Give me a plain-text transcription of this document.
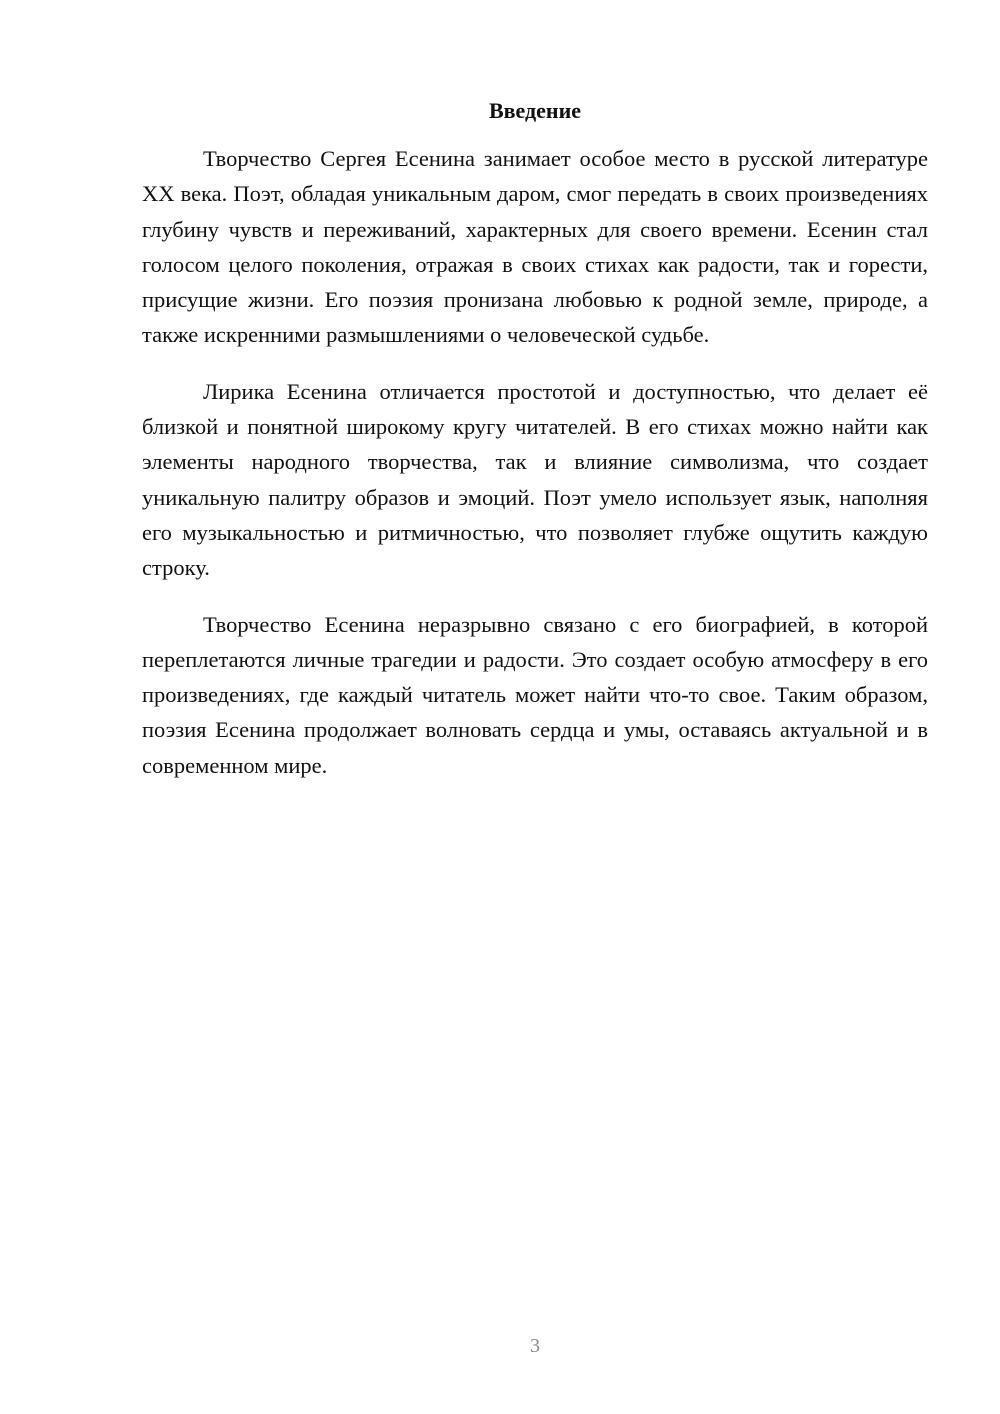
Введение

Творчество Сергея Есенина занимает особое место в русской литературе XX века. Поэт, обладая уникальным даром, смог передать в своих произведениях глубину чувств и переживаний, характерных для своего времени. Есенин стал голосом целого поколения, отражая в своих стихах как радости, так и горести, присущие жизни. Его поэзия пронизана любовью к родной земле, природе, а также искренними размышлениями о человеческой судьбе.

Лирика Есенина отличается простотой и доступностью, что делает её близкой и понятной широкому кругу читателей. В его стихах можно найти как элементы народного творчества, так и влияние символизма, что создает уникальную палитру образов и эмоций. Поэт умело использует язык, наполняя его музыкальностью и ритмичностью, что позволяет глубже ощутить каждую строку.

Творчество Есенина неразрывно связано с его биографией, в которой переплетаются личные трагедии и радости. Это создает особую атмосферу в его произведениях, где каждый читатель может найти что-то свое. Таким образом, поэзия Есенина продолжает волновать сердца и умы, оставаясь актуальной и в современном мире.

3
